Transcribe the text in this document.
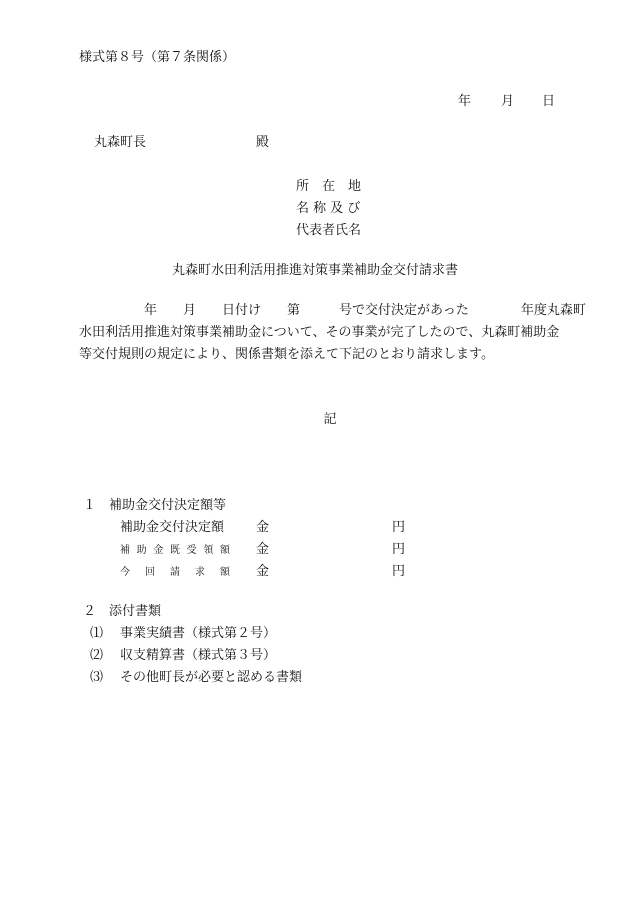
様式第８号（第７条関係）
年 月 日
丸森町長	殿
所　在　地
名 称 及 び
代表者氏名
丸森町水田利活用推進対策事業補助金交付請求書
　　　　　年　　月　　日付け　　第　　　号で交付決定があった　　　　年度丸森町
水田利活用推進対策事業補助金について、その事業が完了したので、丸森町補助金
等交付規則の規定により、関係書類を添えて下記のとおり請求します。
記
１　補助金交付決定額等
補助金交付決定額 金	円
補助金既受領額 金	円
今回請求額 金	円
２　添付書類
⑴ 事業実績書（様式第２号）
⑵ 収支精算書（様式第３号）
⑶ その他町長が必要と認める書類
